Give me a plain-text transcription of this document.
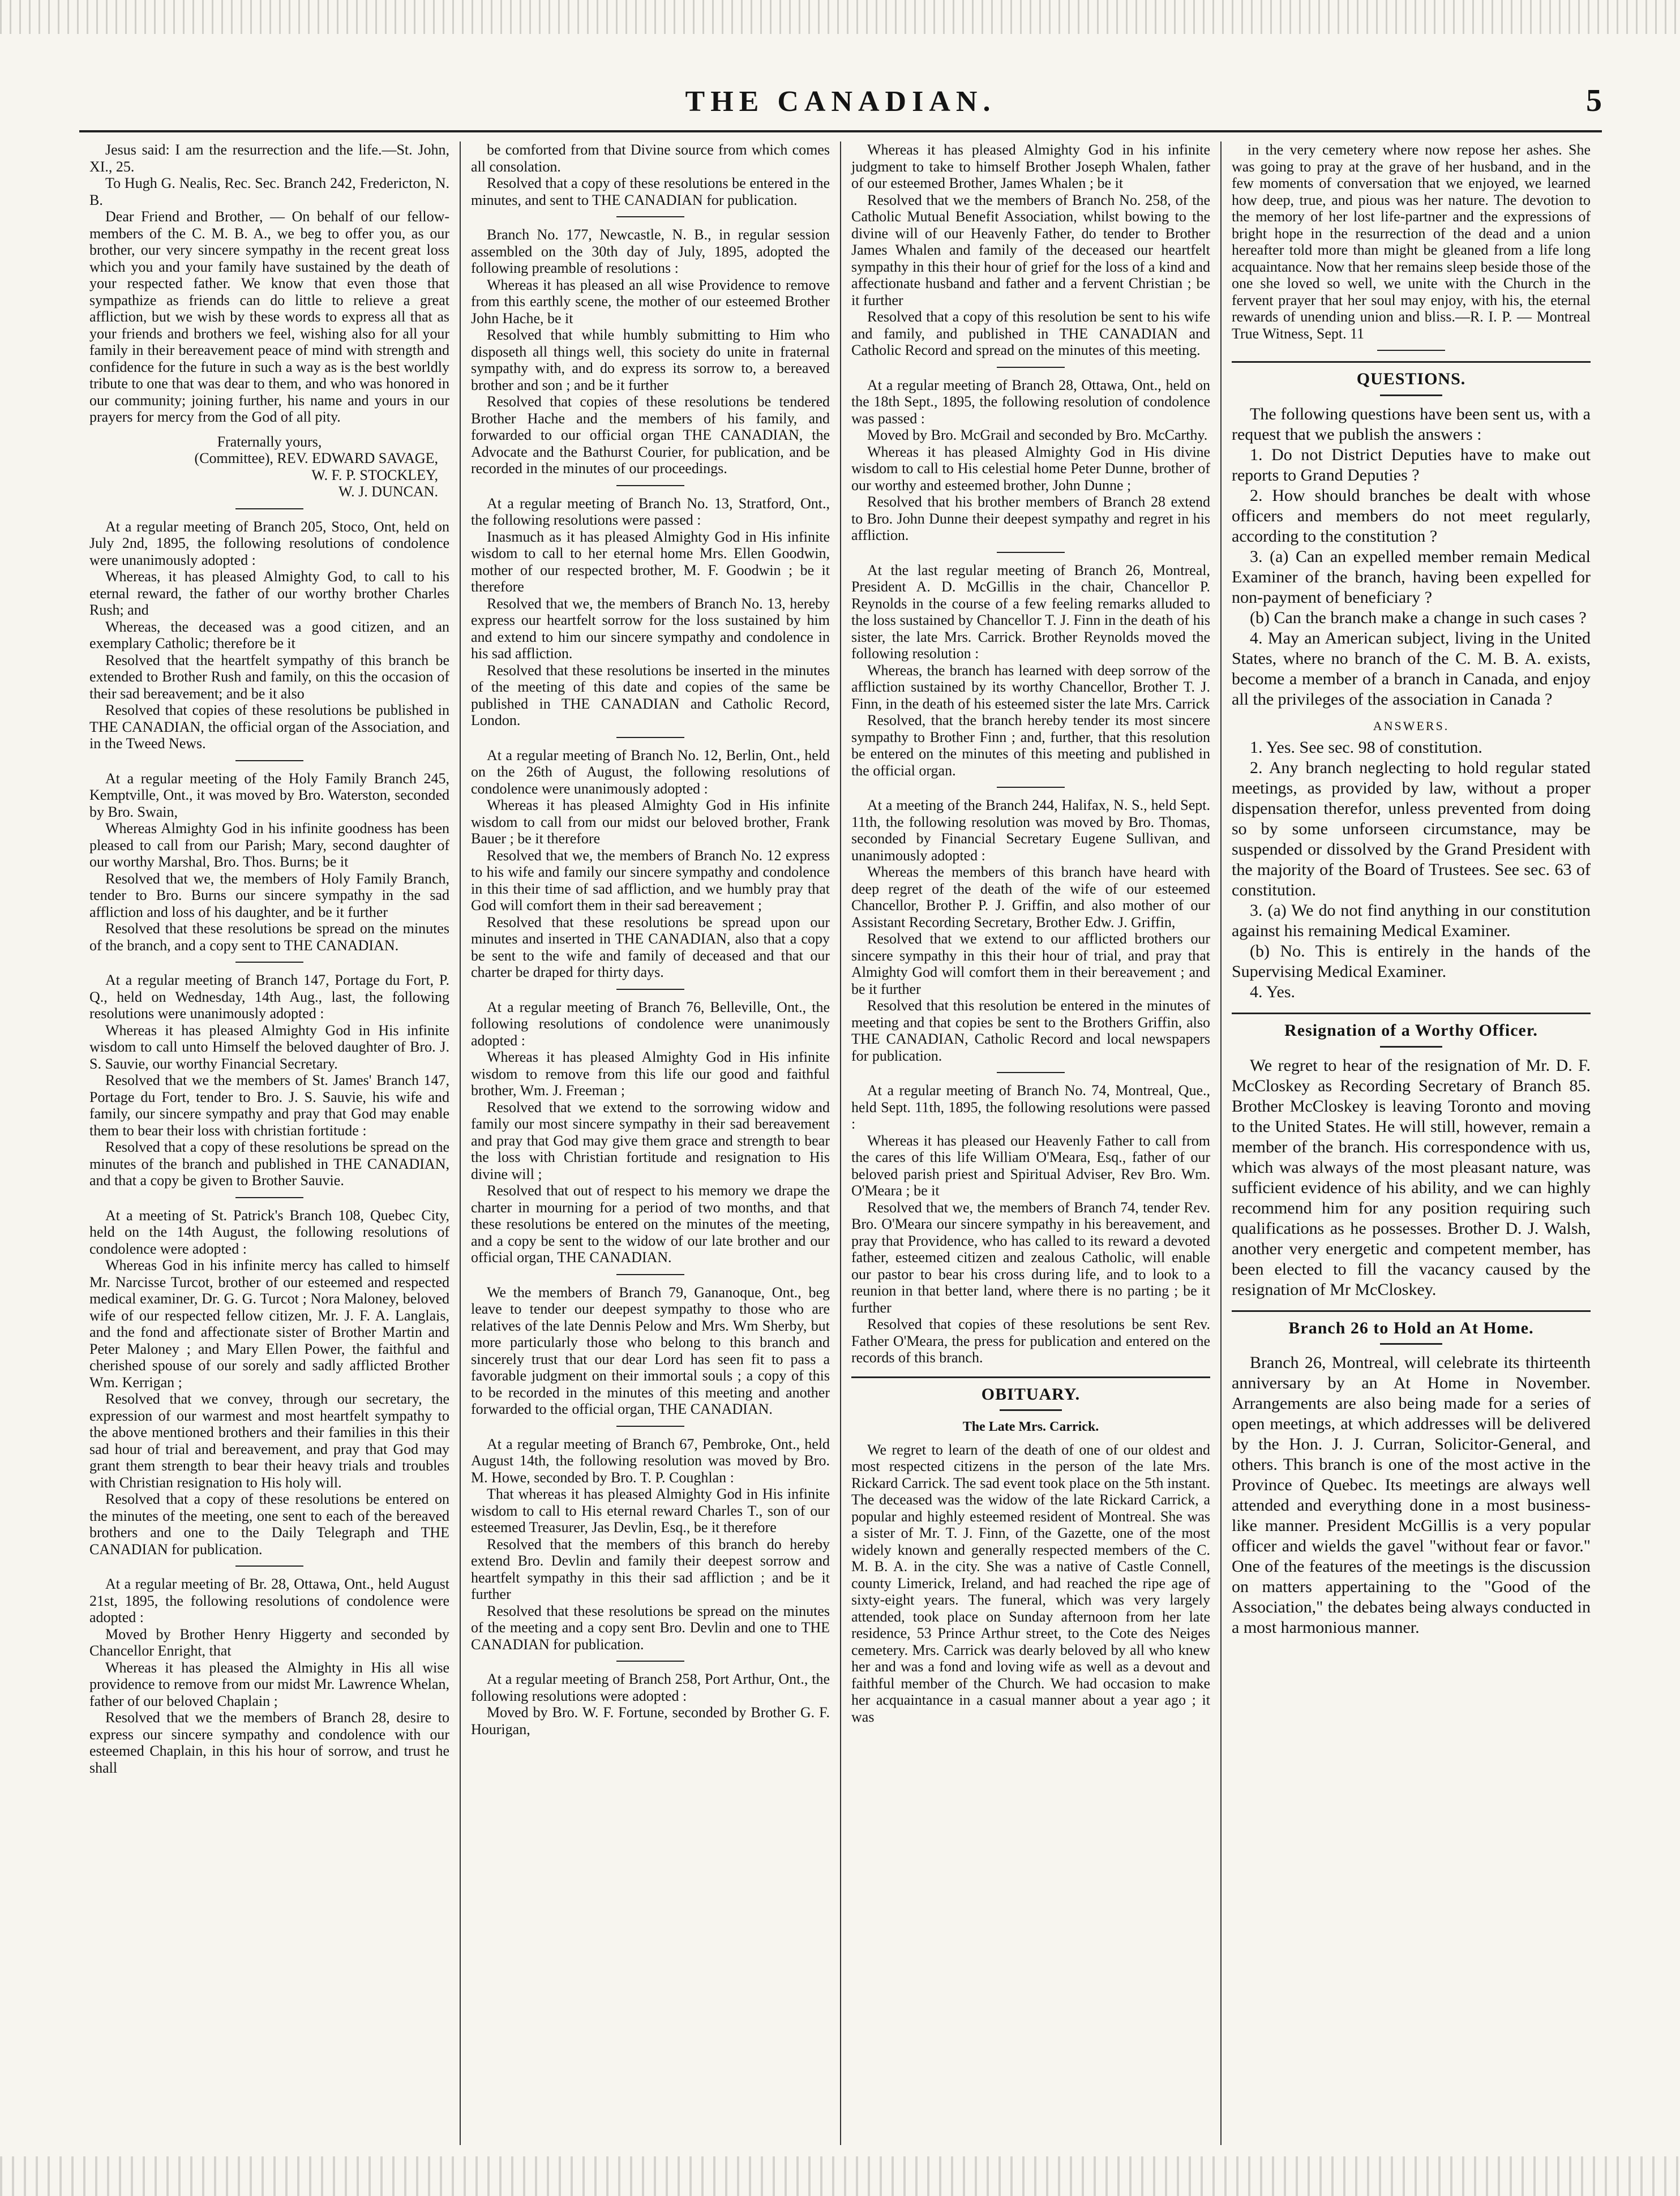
THE CANADIAN.	5

Jesus said: I am the resurrection and the life.—St. John, XI., 25.

To Hugh G. Nealis, Rec. Sec. Branch 242, Fredericton, N. B.

Dear Friend and Brother, — On behalf of our fellow-members of the C. M. B. A., we beg to offer you, as our brother, our very sincere sympathy in the recent great loss which you and your family have sustained by the death of your respected father. We know that even those that sympathize as friends can do little to relieve a great affliction, but we wish by these words to express all that as your friends and brothers we feel, wishing also for all your family in their bereavement peace of mind with strength and confidence for the future in such a way as is the best worldly tribute to one that was dear to them, and who was honored in our community; joining further, his name and yours in our prayers for mercy from the God of all pity.

Fraternally yours,
(Committee), REV. EDWARD SAVAGE,
W. F. P. STOCKLEY,
W. J. DUNCAN.

At a regular meeting of Branch 205, Stoco, Ont, held on July 2nd, 1895, the following resolutions of condolence were unanimously adopted :

Whereas, it has pleased Almighty God, to call to his eternal reward, the father of our worthy brother Charles Rush; and

Whereas, the deceased was a good citizen, and an exemplary Catholic; therefore be it

Resolved that the heartfelt sympathy of this branch be extended to Brother Rush and family, on this the occasion of their sad bereavement; and be it also

Resolved that copies of these resolutions be published in THE CANADIAN, the official organ of the Association, and in the Tweed News.

At a regular meeting of the Holy Family Branch 245, Kemptville, Ont., it was moved by Bro. Waterston, seconded by Bro. Swain,

Whereas Almighty God in his infinite goodness has been pleased to call from our Parish; Mary, second daughter of our worthy Marshal, Bro. Thos. Burns; be it

Resolved that we, the members of Holy Family Branch, tender to Bro. Burns our sincere sympathy in the sad affliction and loss of his daughter, and be it further

Resolved that these resolutions be spread on the minutes of the branch, and a copy sent to THE CANADIAN.

At a regular meeting of Branch 147, Portage du Fort, P. Q., held on Wednesday, 14th Aug., last, the following resolutions were unanimously adopted :

Whereas it has pleased Almighty God in His infinite wisdom to call unto Himself the beloved daughter of Bro. J. S. Sauvie, our worthy Financial Secretary.

Resolved that we the members of St. James' Branch 147, Portage du Fort, tender to Bro. J. S. Sauvie, his wife and family, our sincere sympathy and pray that God may enable them to bear their loss with christian fortitude :

Resolved that a copy of these resolutions be spread on the minutes of the branch and published in THE CANADIAN, and that a copy be given to Brother Sauvie.

At a meeting of St. Patrick's Branch 108, Quebec City, held on the 14th August, the following resolutions of condolence were adopted :

Whereas God in his infinite mercy has called to himself Mr. Narcisse Turcot, brother of our esteemed and respected medical examiner, Dr. G. G. Turcot ; Nora Maloney, beloved wife of our respected fellow citizen, Mr. J. F. A. Langlais, and the fond and affectionate sister of Brother Martin and Peter Maloney ; and Mary Ellen Power, the faithful and cherished spouse of our sorely and sadly afflicted Brother Wm. Kerrigan ;

Resolved that we convey, through our secretary, the expression of our warmest and most heartfelt sympathy to the above mentioned brothers and their families in this their sad hour of trial and bereavement, and pray that God may grant them strength to bear their heavy trials and troubles with Christian resignation to His holy will.

Resolved that a copy of these resolutions be entered on the minutes of the meeting, one sent to each of the bereaved brothers and one to the Daily Telegraph and THE CANADIAN for publication.

At a regular meeting of Br. 28, Ottawa, Ont., held August 21st, 1895, the following resolutions of condolence were adopted :

Moved by Brother Henry Higgerty and seconded by Chancellor Enright, that

Whereas it has pleased the Almighty in His all wise providence to remove from our midst Mr. Lawrence Whelan, father of our beloved Chaplain ;

Resolved that we the members of Branch 28, desire to express our sincere sympathy and condolence with our esteemed Chaplain, in this his hour of sorrow, and trust he shall

be comforted from that Divine source from which comes all consolation.

Resolved that a copy of these resolutions be entered in the minutes, and sent to THE CANADIAN for publication.

Branch No. 177, Newcastle, N. B., in regular session assembled on the 30th day of July, 1895, adopted the following preamble of resolutions :

Whereas it has pleased an all wise Providence to remove from this earthly scene, the mother of our esteemed Brother John Hache, be it

Resolved that while humbly submitting to Him who disposeth all things well, this society do unite in fraternal sympathy with, and do express its sorrow to, a bereaved brother and son ; and be it further

Resolved that copies of these resolutions be tendered Brother Hache and the members of his family, and forwarded to our official organ THE CANADIAN, the Advocate and the Bathurst Courier, for publication, and be recorded in the minutes of our proceedings.

At a regular meeting of Branch No. 13, Stratford, Ont., the following resolutions were passed :

Inasmuch as it has pleased Almighty God in His infinite wisdom to call to her eternal home Mrs. Ellen Goodwin, mother of our respected brother, M. F. Goodwin ; be it therefore

Resolved that we, the members of Branch No. 13, hereby express our heartfelt sorrow for the loss sustained by him and extend to him our sincere sympathy and condolence in his sad affliction.

Resolved that these resolutions be inserted in the minutes of the meeting of this date and copies of the same be published in THE CANADIAN and Catholic Record, London.

At a regular meeting of Branch No. 12, Berlin, Ont., held on the 26th of August, the following resolutions of condolence were unanimously adopted :

Whereas it has pleased Almighty God in His infinite wisdom to call from our midst our beloved brother, Frank Bauer ; be it therefore

Resolved that we, the members of Branch No. 12 express to his wife and family our sincere sympathy and condolence in this their time of sad affliction, and we humbly pray that God will comfort them in their sad bereavement ;

Resolved that these resolutions be spread upon our minutes and inserted in THE CANADIAN, also that a copy be sent to the wife and family of deceased and that our charter be draped for thirty days.

At a regular meeting of Branch 76, Belleville, Ont., the following resolutions of condolence were unanimously adopted :

Whereas it has pleased Almighty God in His infinite wisdom to remove from this life our good and faithful brother, Wm. J. Freeman ;

Resolved that we extend to the sorrowing widow and family our most sincere sympathy in their sad bereavement and pray that God may give them grace and strength to bear the loss with Christian fortitude and resignation to His divine will ;

Resolved that out of respect to his memory we drape the charter in mourning for a period of two months, and that these resolutions be entered on the minutes of the meeting, and a copy be sent to the widow of our late brother and our official organ, THE CANADIAN.

We the members of Branch 79, Gananoque, Ont., beg leave to tender our deepest sympathy to those who are relatives of the late Dennis Pelow and Mrs. Wm Sherby, but more particularly those who belong to this branch and sincerely trust that our dear Lord has seen fit to pass a favorable judgment on their immortal souls ; a copy of this to be recorded in the minutes of this meeting and another forwarded to the official organ, THE CANADIAN.

At a regular meeting of Branch 67, Pembroke, Ont., held August 14th, the following resolution was moved by Bro. M. Howe, seconded by Bro. T. P. Coughlan :

That whereas it has pleased Almighty God in His infinite wisdom to call to His eternal reward Charles T., son of our esteemed Treasurer, Jas Devlin, Esq., be it therefore

Resolved that the members of this branch do hereby extend Bro. Devlin and family their deepest sorrow and heartfelt sympathy in this their sad affliction ; and be it further

Resolved that these resolutions be spread on the minutes of the meeting and a copy sent Bro. Devlin and one to THE CANADIAN for publication.

At a regular meeting of Branch 258, Port Arthur, Ont., the following resolutions were adopted :

Moved by Bro. W. F. Fortune, seconded by Brother G. F. Hourigan,

Whereas it has pleased Almighty God in his infinite judgment to take to himself Brother Joseph Whalen, father of our esteemed Brother, James Whalen ; be it

Resolved that we the members of Branch No. 258, of the Catholic Mutual Benefit Association, whilst bowing to the divine will of our Heavenly Father, do tender to Brother James Whalen and family of the deceased our heartfelt sympathy in this their hour of grief for the loss of a kind and affectionate husband and father and a fervent Christian ; be it further

Resolved that a copy of this resolution be sent to his wife and family, and published in THE CANADIAN and Catholic Record and spread on the minutes of this meeting.

At a regular meeting of Branch 28, Ottawa, Ont., held on the 18th Sept., 1895, the following resolution of condolence was passed :

Moved by Bro. McGrail and seconded by Bro. McCarthy.

Whereas it has pleased Almighty God in His divine wisdom to call to His celestial home Peter Dunne, brother of our worthy and esteemed brother, John Dunne ;

Resolved that his brother members of Branch 28 extend to Bro. John Dunne their deepest sympathy and regret in his affliction.

At the last regular meeting of Branch 26, Montreal, President A. D. McGillis in the chair, Chancellor P. Reynolds in the course of a few feeling remarks alluded to the loss sustained by Chancellor T. J. Finn in the death of his sister, the late Mrs. Carrick. Brother Reynolds moved the following resolution :

Whereas, the branch has learned with deep sorrow of the affliction sustained by its worthy Chancellor, Brother T. J. Finn, in the death of his esteemed sister the late Mrs. Carrick

Resolved, that the branch hereby tender its most sincere sympathy to Brother Finn ; and, further, that this resolution be entered on the minutes of this meeting and published in the official organ.

At a meeting of the Branch 244, Halifax, N. S., held Sept. 11th, the following resolution was moved by Bro. Thomas, seconded by Financial Secretary Eugene Sullivan, and unanimously adopted :

Whereas the members of this branch have heard with deep regret of the death of the wife of our esteemed Chancellor, Brother P. J. Griffin, and also mother of our Assistant Recording Secretary, Brother Edw. J. Griffin,

Resolved that we extend to our afflicted brothers our sincere sympathy in this their hour of trial, and pray that Almighty God will comfort them in their bereavement ; and be it further

Resolved that this resolution be entered in the minutes of meeting and that copies be sent to the Brothers Griffin, also THE CANADIAN, Catholic Record and local newspapers for publication.

At a regular meeting of Branch No. 74, Montreal, Que., held Sept. 11th, 1895, the following resolutions were passed :

Whereas it has pleased our Heavenly Father to call from the cares of this life William O'Meara, Esq., father of our beloved parish priest and Spiritual Adviser, Rev Bro. Wm. O'Meara ; be it

Resolved that we, the members of Branch 74, tender Rev. Bro. O'Meara our sincere sympathy in his bereavement, and pray that Providence, who has called to its reward a devoted father, esteemed citizen and zealous Catholic, will enable our pastor to bear his cross during life, and to look to a reunion in that better land, where there is no parting ; be it further

Resolved that copies of these resolutions be sent Rev. Father O'Meara, the press for publication and entered on the records of this branch.

OBITUARY.
The Late Mrs. Carrick.

We regret to learn of the death of one of our oldest and most respected citizens in the person of the late Mrs. Rickard Carrick. The sad event took place on the 5th instant. The deceased was the widow of the late Rickard Carrick, a popular and highly esteemed resident of Montreal. She was a sister of Mr. T. J. Finn, of the Gazette, one of the most widely known and generally respected members of the C. M. B. A. in the city. She was a native of Castle Connell, county Limerick, Ireland, and had reached the ripe age of sixty-eight years. The funeral, which was very largely attended, took place on Sunday afternoon from her late residence, 53 Prince Arthur street, to the Cote des Neiges cemetery. Mrs. Carrick was dearly beloved by all who knew her and was a fond and loving wife as well as a devout and faithful member of the Church. We had occasion to make her acquaintance in a casual manner about a year ago ; it was

in the very cemetery where now repose her ashes. She was going to pray at the grave of her husband, and in the few moments of conversation that we enjoyed, we learned how deep, true, and pious was her nature. The devotion to the memory of her lost life-partner and the expressions of bright hope in the resurrection of the dead and a union hereafter told more than might be gleaned from a life long acquaintance. Now that her remains sleep beside those of the one she loved so well, we unite with the Church in the fervent prayer that her soul may enjoy, with his, the eternal rewards of unending union and bliss.—R. I. P. — Montreal True Witness, Sept. 11

QUESTIONS.

The following questions have been sent us, with a request that we publish the answers :

1. Do not District Deputies have to make out reports to Grand Deputies ?

2. How should branches be dealt with whose officers and members do not meet regularly, according to the constitution ?

3. (a) Can an expelled member remain Medical Examiner of the branch, having been expelled for non-payment of beneficiary ?

(b) Can the branch make a change in such cases ?

4. May an American subject, living in the United States, where no branch of the C. M. B. A. exists, become a member of a branch in Canada, and enjoy all the privileges of the association in Canada ?

ANSWERS.

1. Yes. See sec. 98 of constitution.

2. Any branch neglecting to hold regular stated meetings, as provided by law, without a proper dispensation therefor, unless prevented from doing so by some unforseen circumstance, may be suspended or dissolved by the Grand President with the majority of the Board of Trustees. See sec. 63 of constitution.

3. (a) We do not find anything in our constitution against his remaining Medical Examiner.

(b) No. This is entirely in the hands of the Supervising Medical Examiner.

4. Yes.

Resignation of a Worthy Officer.

We regret to hear of the resignation of Mr. D. F. McCloskey as Recording Secretary of Branch 85. Brother McCloskey is leaving Toronto and moving to the United States. He will still, however, remain a member of the branch. His correspondence with us, which was always of the most pleasant nature, was sufficient evidence of his ability, and we can highly recommend him for any position requiring such qualifications as he possesses. Brother D. J. Walsh, another very energetic and competent member, has been elected to fill the vacancy caused by the resignation of Mr McCloskey.

Branch 26 to Hold an At Home.

Branch 26, Montreal, will celebrate its thirteenth anniversary by an At Home in November. Arrangements are also being made for a series of open meetings, at which addresses will be delivered by the Hon. J. J. Curran, Solicitor-General, and others. This branch is one of the most active in the Province of Quebec. Its meetings are always well attended and everything done in a most business-like manner. President McGillis is a very popular officer and wields the gavel "without fear or favor." One of the features of the meetings is the discussion on matters appertaining to the "Good of the Association," the debates being always conducted in a most harmonious manner.
